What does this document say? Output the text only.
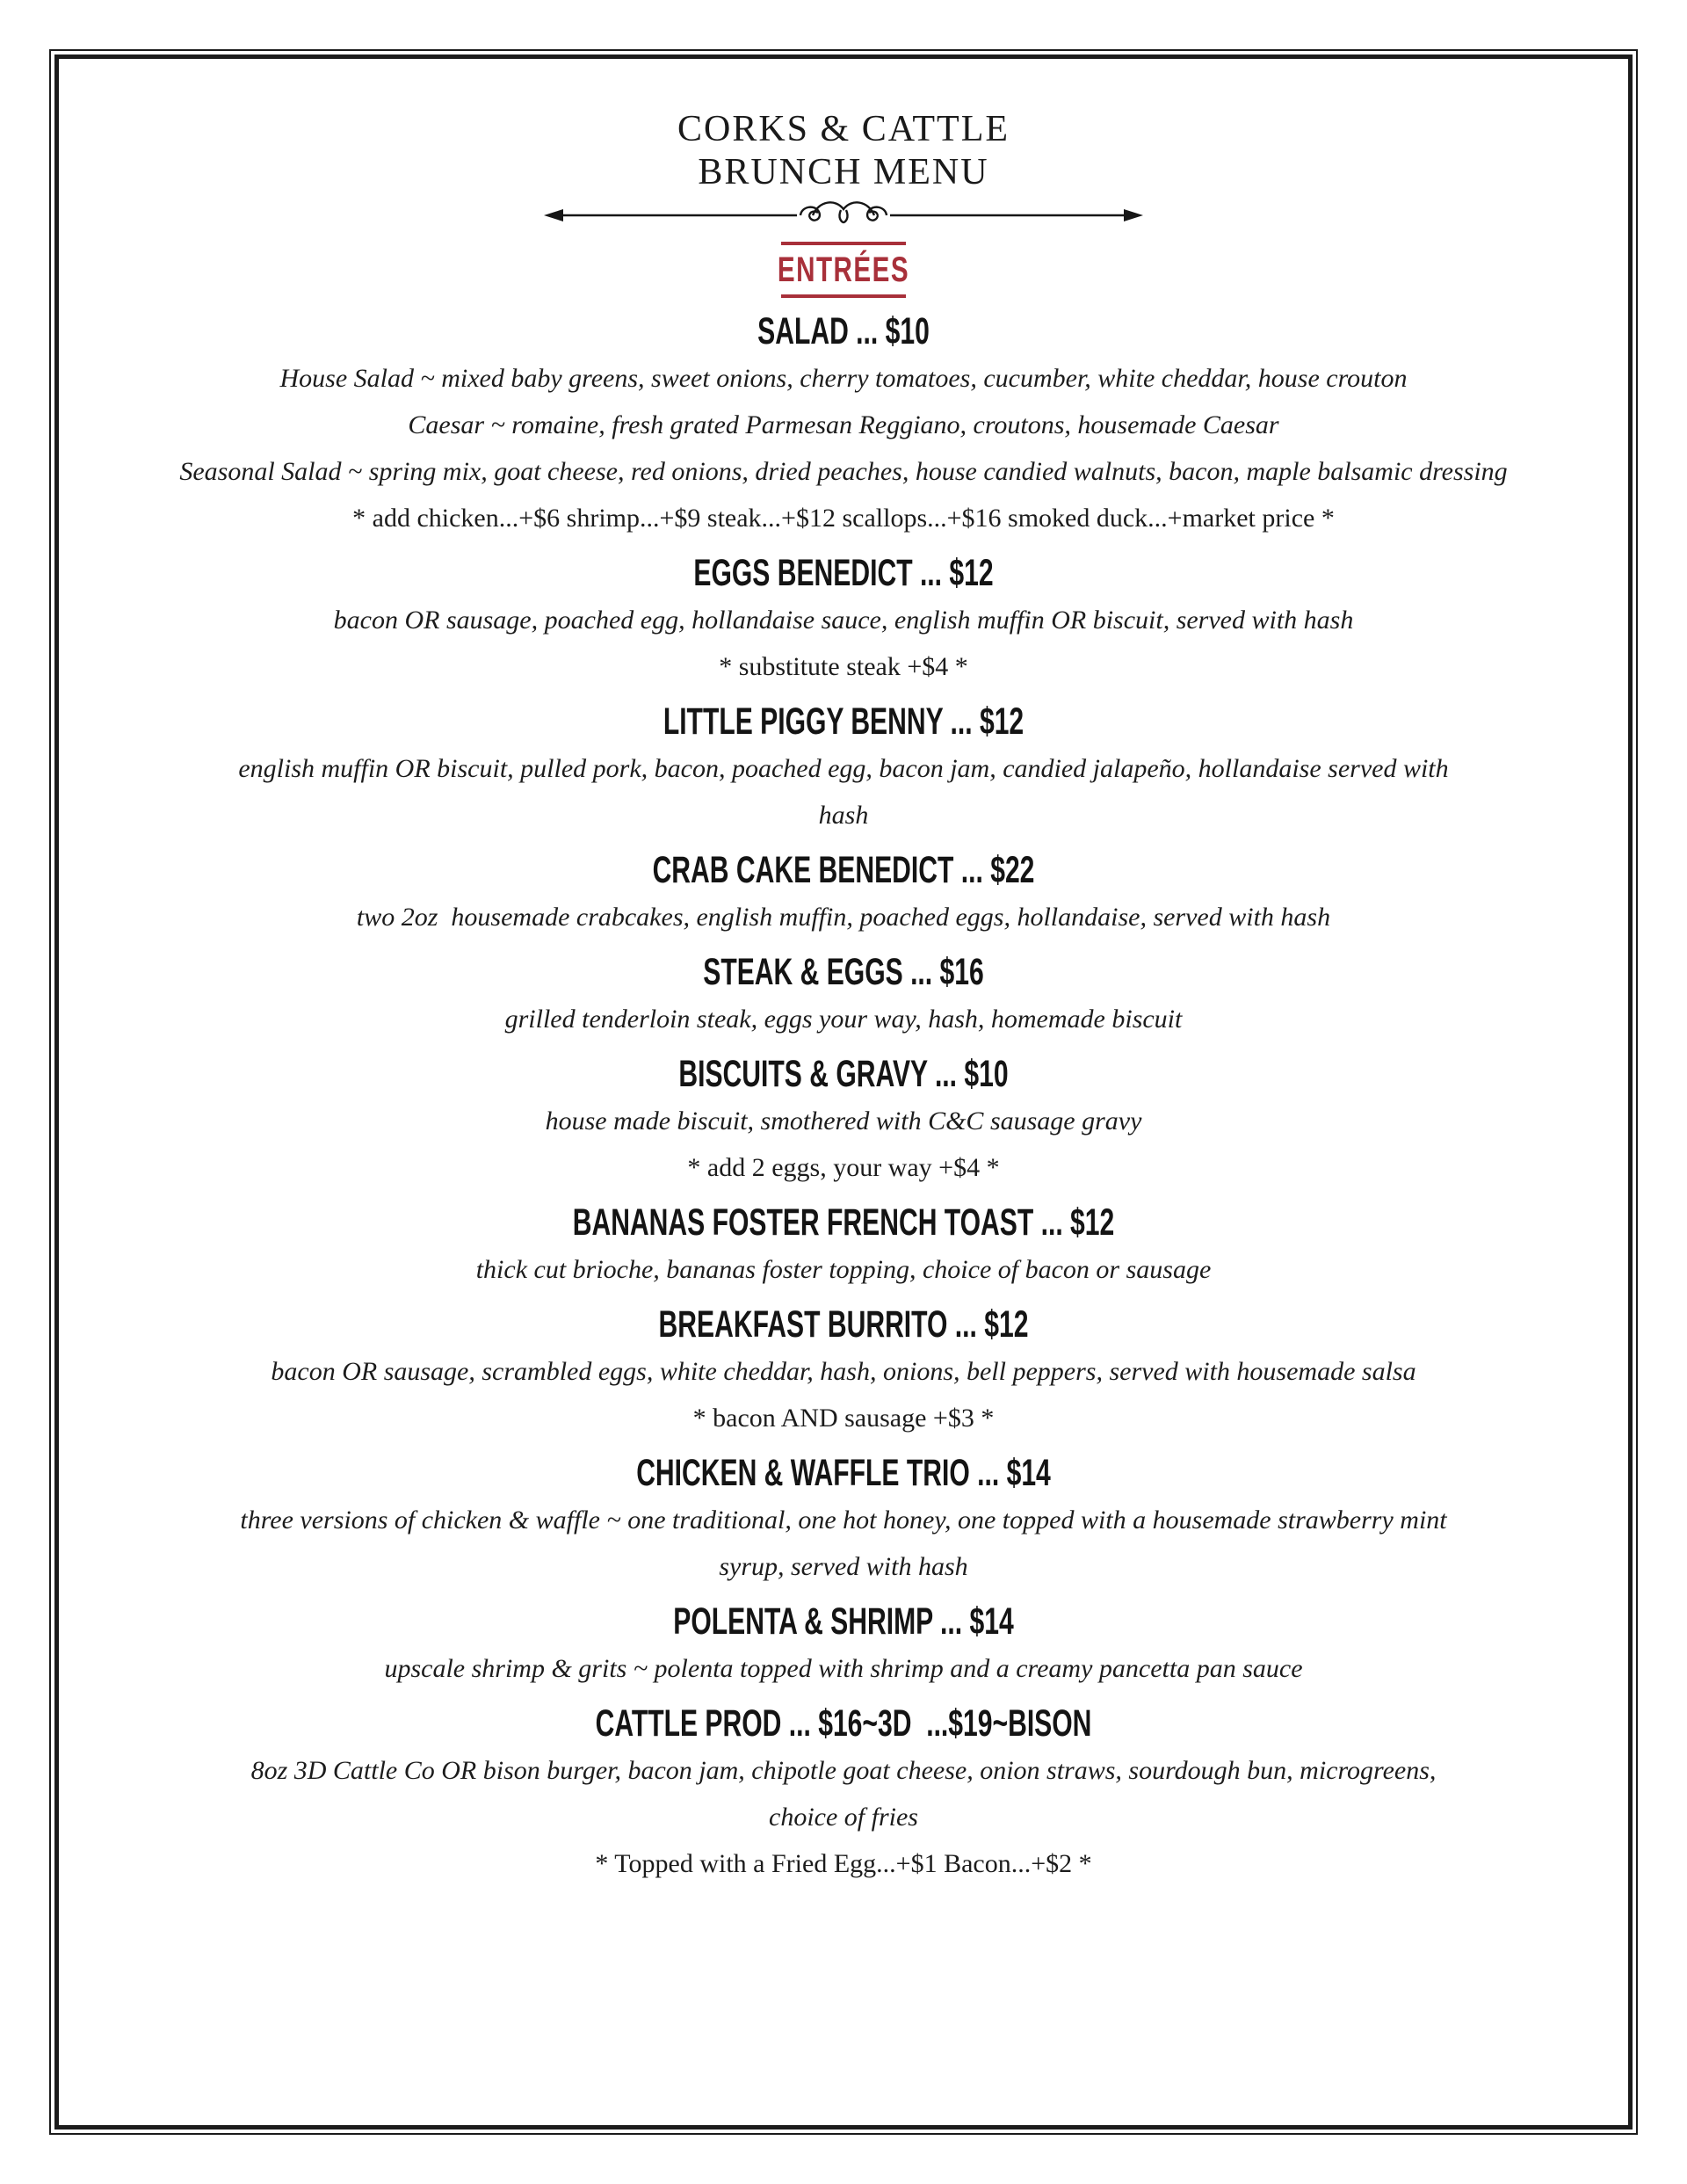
CORKS & CATTLE
BRUNCH MENU
ENTRÉES
SALAD ... $10
House Salad ~ mixed baby greens, sweet onions, cherry tomatoes, cucumber, white cheddar, house crouton
Caesar ~ romaine, fresh grated Parmesan Reggiano, croutons, housemade Caesar
Seasonal Salad ~ spring mix, goat cheese, red onions, dried peaches, house candied walnuts, bacon, maple balsamic dressing
* add chicken...+$6 shrimp...+$9 steak...+$12 scallops...+$16 smoked duck...+market price *
EGGS BENEDICT ... $12
bacon OR sausage, poached egg, hollandaise sauce, english muffin OR biscuit, served with hash
* substitute steak +$4 *
LITTLE PIGGY BENNY ... $12
english muffin OR biscuit, pulled pork, bacon, poached egg, bacon jam, candied jalapeño, hollandaise served with
hash
CRAB CAKE BENEDICT ... $22
two 2oz  housemade crabcakes, english muffin, poached eggs, hollandaise, served with hash
STEAK & EGGS ... $16
grilled tenderloin steak, eggs your way, hash, homemade biscuit
BISCUITS & GRAVY ... $10
house made biscuit, smothered with C&C sausage gravy
* add 2 eggs, your way +$4 *
BANANAS FOSTER FRENCH TOAST ... $12
thick cut brioche, bananas foster topping, choice of bacon or sausage
BREAKFAST BURRITO ... $12
bacon OR sausage, scrambled eggs, white cheddar, hash, onions, bell peppers, served with housemade salsa
* bacon AND sausage +$3 *
CHICKEN & WAFFLE TRIO ... $14
three versions of chicken & waffle ~ one traditional, one hot honey, one topped with a housemade strawberry mint
syrup, served with hash
POLENTA & SHRIMP ... $14
upscale shrimp & grits ~ polenta topped with shrimp and a creamy pancetta pan sauce
CATTLE PROD ... $16~3D  ...$19~BISON
8oz 3D Cattle Co OR bison burger, bacon jam, chipotle goat cheese, onion straws, sourdough bun, microgreens,
choice of fries
* Topped with a Fried Egg...+$1 Bacon...+$2 *
